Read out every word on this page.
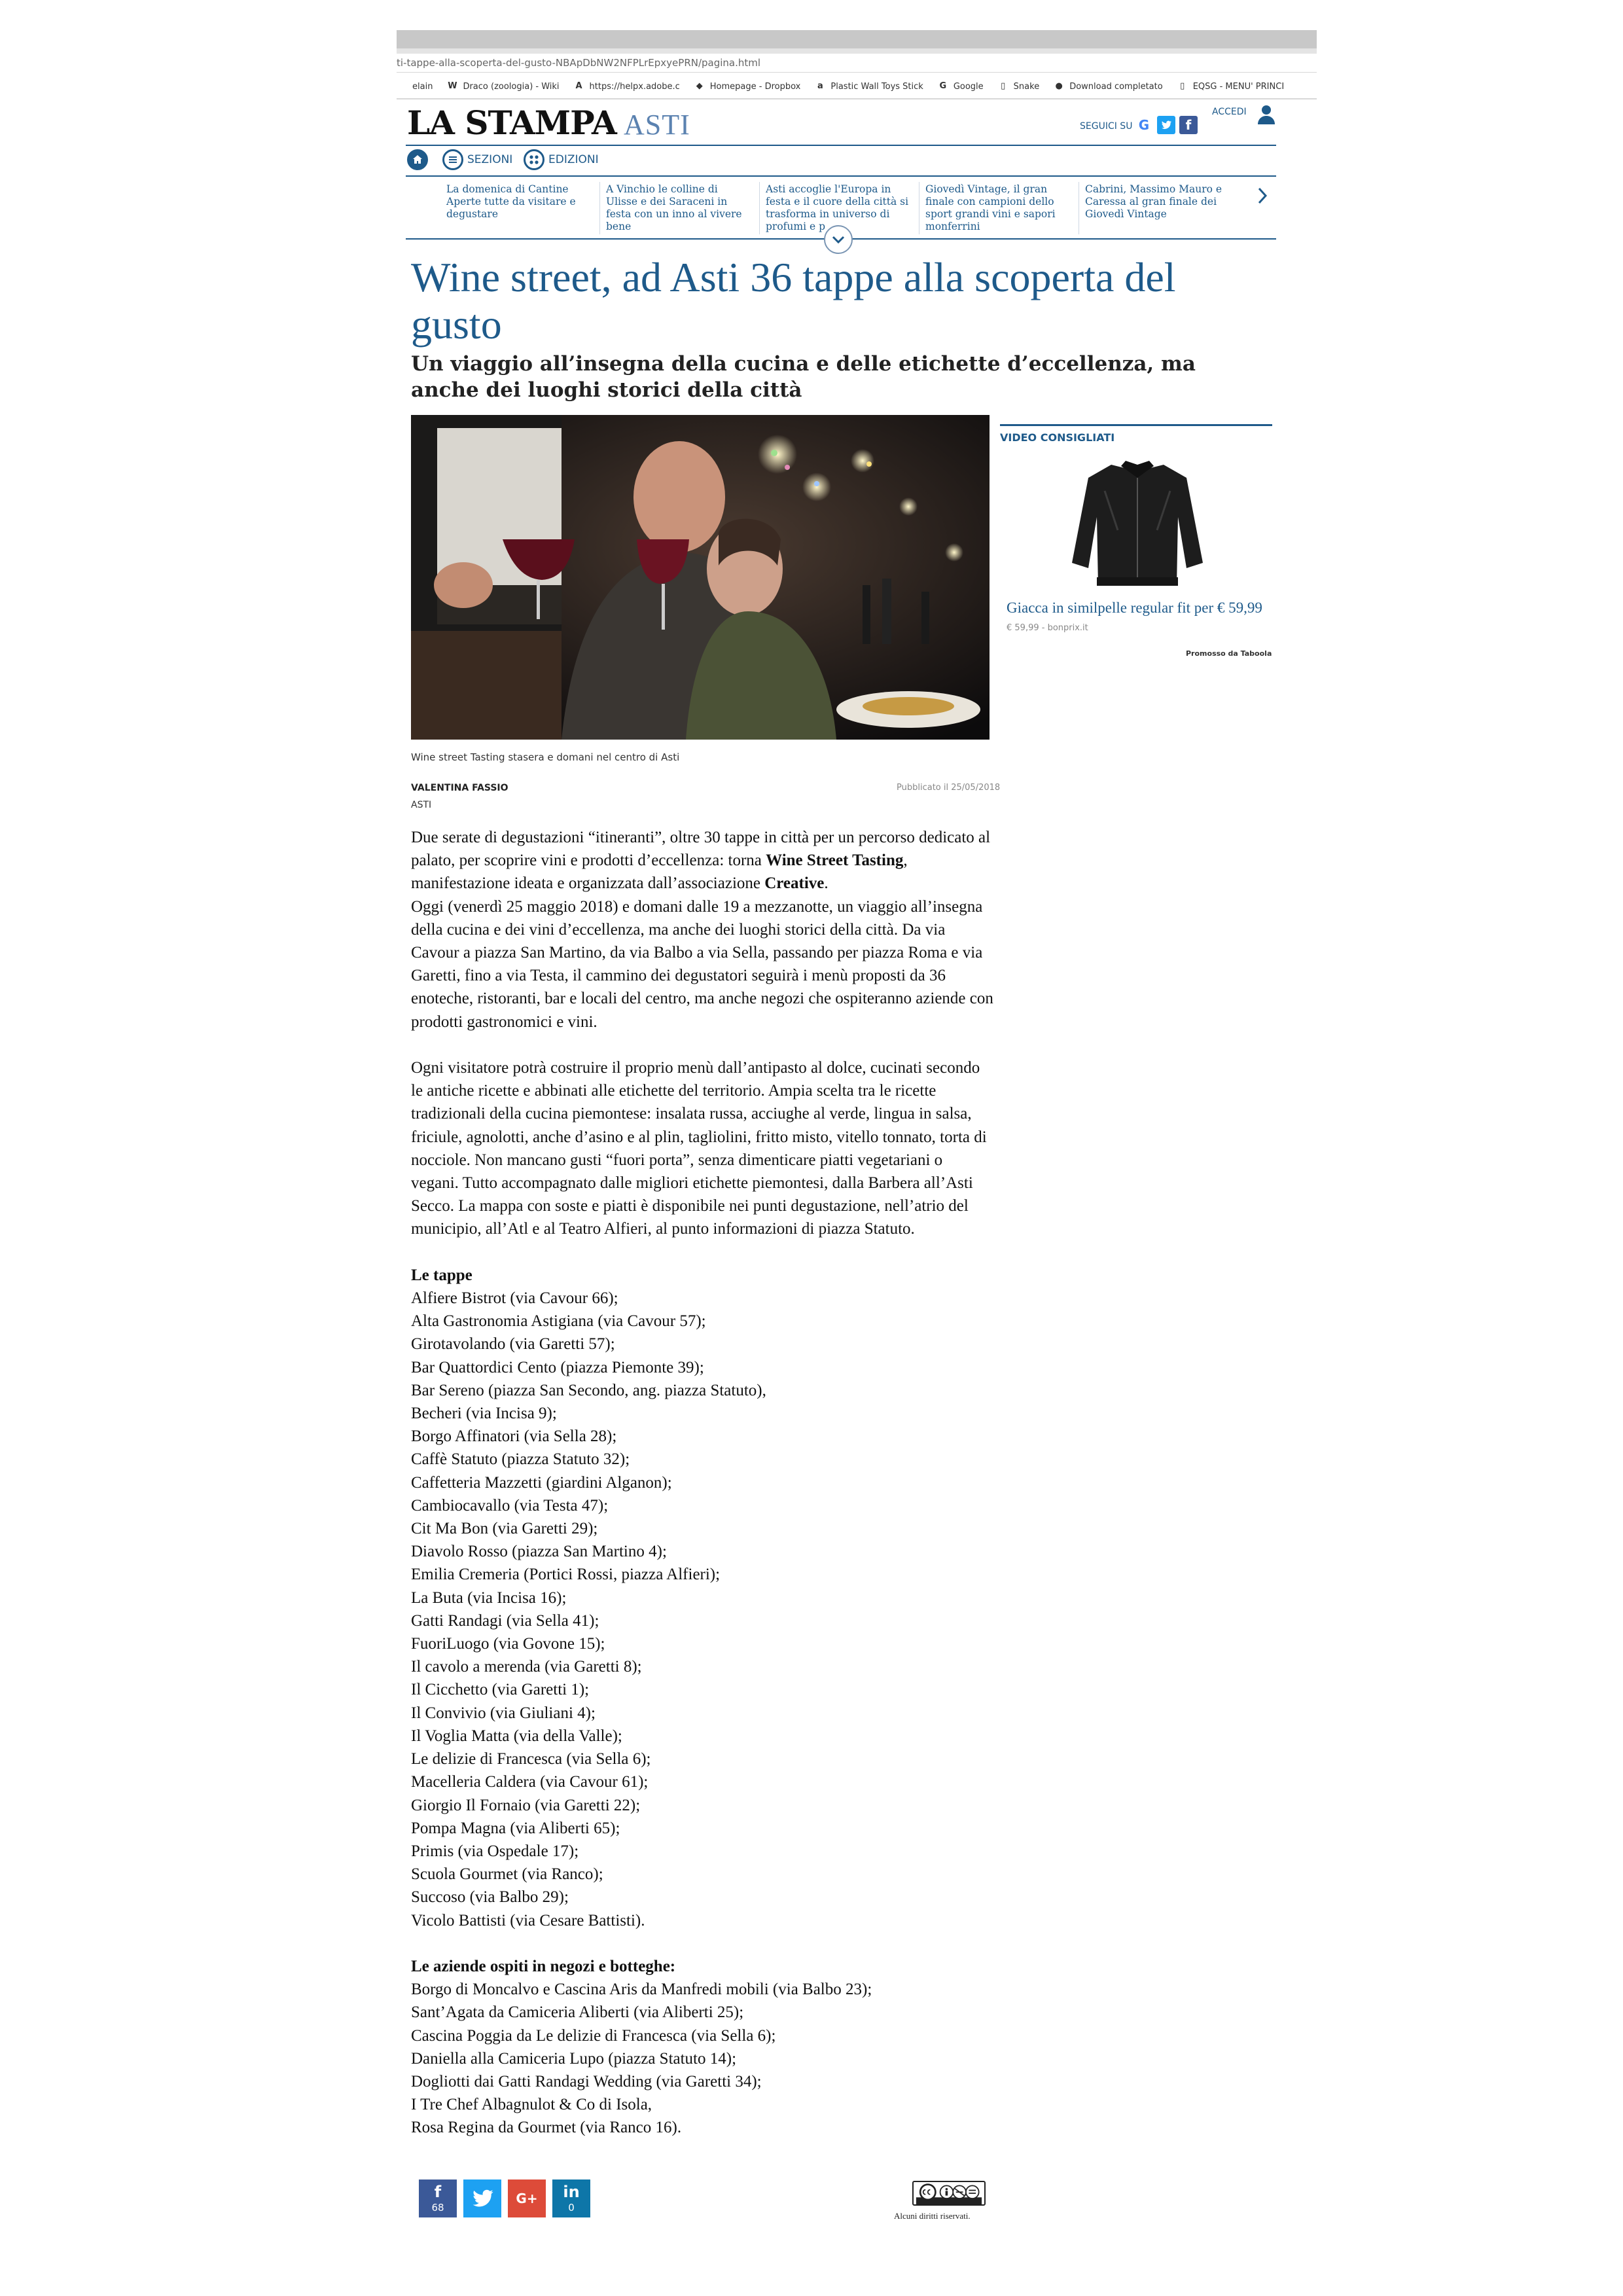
ti-tappe-alla-scoperta-del-gusto-NBApDbNW2NFPLrEpxyePRN/pagina.html
elain W Draco (zoologia) - Wiki A https://helpx.adobe.c ◆ Homepage - Dropbox a Plastic Wall Toys Stick G Google	▯ Snake ● Download completato	▯ EQSG - MENU' PRINCI
LA STAMPA ASTI	SEGUICI SU G	f
ACCEDI
SEZIONI	EDIZIONI
La domenica di Cantine Aperte tutte da visitare e degustare
A Vinchio le colline di Ulisse e dei Saraceni in festa con un inno al vivere bene
Asti accoglie l'Europa in festa e il cuore della città si trasforma in universo di profumi e p
Giovedì Vintage, il gran finale con campioni dello sport grandi vini e sapori monferrini
Cabrini, Massimo Mauro e Caressa al gran finale dei Giovedì Vintage
Wine street, ad Asti 36 tappe alla scoperta del gusto
Un viaggio all’insegna della cucina e delle etichette d’eccellenza, ma anche dei luoghi storici della città
Wine street Tasting stasera e domani nel centro di Asti
VALENTINA FASSIO
ASTI
Pubblicato il 25/05/2018

Due serate di degustazioni “itineranti”, oltre 30 tappe in città per un percorso dedicato al palato, per scoprire vini e prodotti d’eccellenza: torna Wine Street Tasting, manifestazione ideata e organizzata dall’associazione Creative.

Oggi (venerdì 25 maggio 2018) e domani dalle 19 a mezzanotte, un viaggio all’insegna della cucina e dei vini d’eccellenza, ma anche dei luoghi storici della città. Da via Cavour a piazza San Martino, da via Balbo a via Sella, passando per piazza Roma e via Garetti, fino a via Testa, il cammino dei degustatori seguirà i menù proposti da 36 enoteche, ristoranti, bar e locali del centro, ma anche negozi che ospiteranno aziende con prodotti gastronomici e vini.

Ogni visitatore potrà costruire il proprio menù dall’antipasto al dolce, cucinati secondo le antiche ricette e abbinati alle etichette del territorio. Ampia scelta tra le ricette tradizionali della cucina piemontese: insalata russa, acciughe al verde, lingua in salsa, friciule, agnolotti, anche d’asino e al plin, tagliolini, fritto misto, vitello tonnato, torta di nocciole. Non mancano gusti “fuori porta”, senza dimenticare piatti vegetariani o vegani. Tutto accompagnato dalle migliori etichette piemontesi, dalla Barbera all’Asti Secco. La mappa con soste e piatti è disponibile nei punti degustazione, nell’atrio del municipio, all’Atl e al Teatro Alfieri, al punto informazioni di piazza Statuto.

Le tappe

Alfiere Bistrot (via Cavour 66);

Alta Gastronomia Astigiana (via Cavour 57);

Girotavolando (via Garetti 57);

Bar Quattordici Cento (piazza Piemonte 39);

Bar Sereno (piazza San Secondo, ang. piazza Statuto),

Becheri (via Incisa 9);

Borgo Affinatori (via Sella 28);

Caffè Statuto (piazza Statuto 32);

Caffetteria Mazzetti (giardini Alganon);

Cambiocavallo (via Testa 47);

Cit Ma Bon (via Garetti 29);

Diavolo Rosso (piazza San Martino 4);

Emilia Cremeria (Portici Rossi, piazza Alfieri);

La Buta (via Incisa 16);

Gatti Randagi (via Sella 41);

FuoriLuogo (via Govone 15);

Il cavolo a merenda (via Garetti 8);

Il Cicchetto (via Garetti 1);

Il Convivio (via Giuliani 4);

Il Voglia Matta (via della Valle);

Le delizie di Francesca (via Sella 6);

Macelleria Caldera (via Cavour 61);

Giorgio Il Fornaio (via Garetti 22);

Pompa Magna (via Aliberti 65);

Primis (via Ospedale 17);

Scuola Gourmet (via Ranco);

Succoso (via Balbo 29);

Vicolo Battisti (via Cesare Battisti).

Le aziende ospiti in negozi e botteghe:

Borgo di Moncalvo e Cascina Aris da Manfredi mobili (via Balbo 23);

Sant’Agata da Camiceria Aliberti (via Aliberti 25);

Cascina Poggia da Le delizie di Francesca (via Sella 6);

Daniella alla Camiceria Lupo (piazza Statuto 14);

Dogliotti dai Gatti Randagi Wedding (via Garetti 34);

I Tre Chef Albagnulot & Co di Isola,

Rosa Regina da Gourmet (via Ranco 16).

VIDEO CONSIGLIATI
Giacca in similpelle regular fit per € 59,99
€ 59,99 - bonprix.it
Promosso da Taboola
f
68
G+	in
0
Alcuni diritti riservati.
